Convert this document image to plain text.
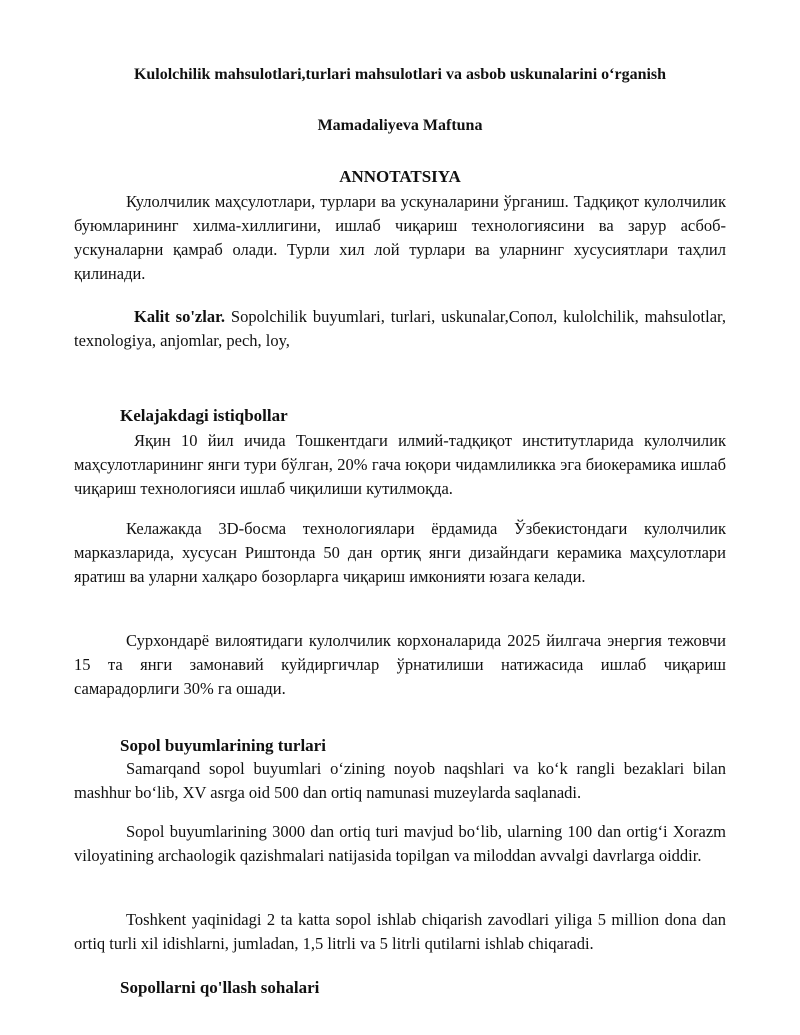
Kulolchilik mahsulotlari,turlari mahsulotlari va asbob uskunalarini o‘rganish
Mamadaliyeva Maftuna
ANNOTATSIYA

Кулолчилик маҳсулотлари, турлари ва ускуналарини ўрганиш. Тадқиқот кулолчилик буюмларининг хилма-хиллигини, ишлаб чиқариш технологиясини ва зарур асбоб-ускуналарни қамраб олади. Турли хил лой турлари ва уларнинг хусусиятлари таҳлил қилинади.

Kalit so'zlar. Sopolchilik buyumlari, turlari, uskunalar,Сопол, kulolchilik, mahsulotlar, texnologiya, anjomlar, pech, loy,

Kelajakdagi istiqbollar

Яқин 10 йил ичида Тошкентдаги илмий-тадқиқот институтларида кулолчилик маҳсулотларининг янги тури бўлган, 20% гача юқори чидамлиликка эга биокерамика ишлаб чиқариш технологияси ишлаб чиқилиши кутилмоқда.

Келажакда 3D-босма технологиялари ёрдамида Ўзбекистондаги кулолчилик марказларида, хусусан Риштонда 50 дан ортиқ янги дизайндаги керамика маҳсулотлари яратиш ва уларни халқаро бозорларга чиқариш имконияти юзага келади.

Сурхондарё вилоятидаги кулолчилик корхоналарида 2025 йилгача энергия тежовчи 15 та янги замонавий куйдиргичлар ўрнатилиши натижасида ишлаб чиқариш самарадорлиги 30% га ошади.

Sopol buyumlarining turlari

Samarqand sopol buyumlari o‘zining noyob naqshlari va ko‘k rangli bezaklari bilan mashhur bo‘lib, XV asrga oid 500 dan ortiq namunasi muzeylarda saqlanadi.

Sopol buyumlarining 3000 dan ortiq turi mavjud bo‘lib, ularning 100 dan ortig‘i Xorazm viloyatining archaologik qazishmalari natijasida topilgan va miloddan avvalgi davrlarga oiddir.

Toshkent yaqinidagi 2 ta katta sopol ishlab chiqarish zavodlari yiliga 5 million dona dan ortiq turli xil idishlarni, jumladan, 1,5 litrli va 5 litrli qutilarni ishlab chiqaradi.

Sopollarni qo'llash sohalari
